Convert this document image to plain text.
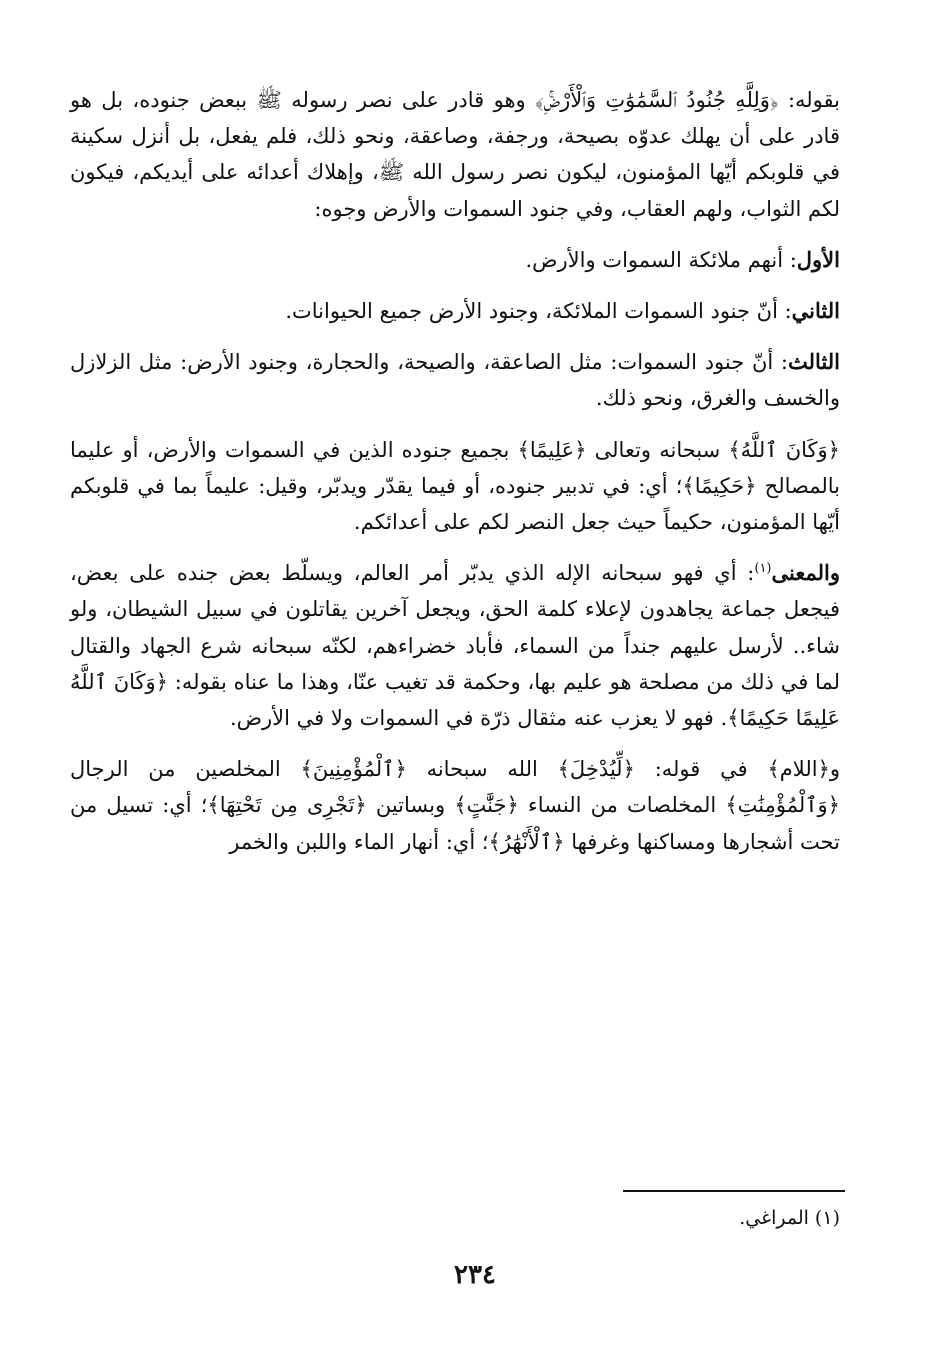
بقوله: ﴿وَلِلَّهِ جُنُودُ ٱلسَّمَٰوَٰتِ وَٱلْأَرْضِۚ﴾ وهو قادر على نصر رسوله ﷺ ببعض جنوده، بل هو قادر على أن يهلك عدوّه بصيحة، ورجفة، وصاعقة، ونحو ذلك، فلم يفعل، بل أنزل سكينة في قلوبكم أيّها المؤمنون، ليكون نصر رسول الله ﷺ، وإهلاك أعدائه على أيديكم، فيكون لكم الثواب، ولهم العقاب، وفي جنود السموات والأرض وجوه:

الأول: أنهم ملائكة السموات والأرض.

الثاني: أنّ جنود السموات الملائكة، وجنود الأرض جميع الحيوانات.

الثالث: أنّ جنود السموات: مثل الصاعقة، والصيحة، والحجارة، وجنود الأرض: مثل الزلازل والخسف والغرق، ونحو ذلك.

﴿وَكَانَ ٱللَّهُ﴾ سبحانه وتعالى ﴿عَلِيمًا﴾ بجميع جنوده الذين في السموات والأرض، أو عليما بالمصالح ﴿حَكِيمًا﴾؛ أي: في تدبير جنوده، أو فيما يقدّر ويدبّر، وقيل: عليماً بما في قلوبكم أيّها المؤمنون، حكيماً حيث جعل النصر لكم على أعدائكم.

والمعنى$^{(١)}$: أي فهو سبحانه الإله الذي يدبّر أمر العالم، ويسلّط بعض جنده على بعض، فيجعل جماعة يجاهدون لإعلاء كلمة الحق، ويجعل آخرين يقاتلون في سبيل الشيطان، ولو شاء.. لأرسل عليهم جنداً من السماء، فأباد خضراءهم، لكنّه سبحانه شرع الجهاد والقتال لما في ذلك من مصلحة هو عليم بها، وحكمة قد تغيب عنّا، وهذا ما عناه بقوله: ﴿وَكَانَ ٱللَّهُ عَلِيمًا حَكِيمًا﴾. فهو لا يعزب عنه مثقال ذرّة في السموات ولا في الأرض.

و﴿اللام﴾ في قوله: ﴿لِّيُدْخِلَ﴾ الله سبحانه ﴿ٱلْمُؤْمِنِينَ﴾ المخلصين من الرجال ﴿وَٱلْمُؤْمِنَٰتِ﴾ المخلصات من النساء ﴿جَنَّٰتٍ﴾ وبساتين ﴿تَجْرِى مِن تَحْتِهَا﴾؛ أي: تسيل من تحت أشجارها ومساكنها وغرفها ﴿ٱلْأَنْهَٰرُ﴾؛ أي: أنهار الماء واللبن والخمر

(١) المراغي.
٢٣٤
